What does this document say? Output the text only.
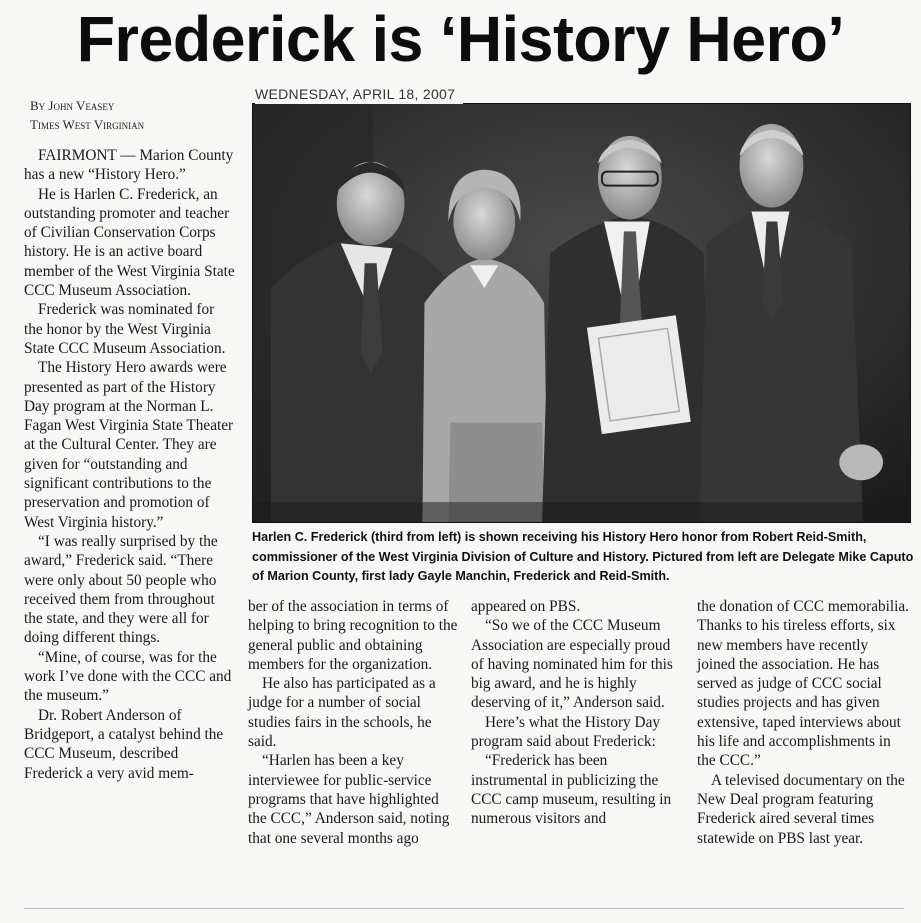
Frederick is ‘History Hero’
WEDNESDAY, APRIL 18, 2007
By John Veasey
Times West Virginian

FAIRMONT — Marion County has a new “History Hero.”

He is Harlen C. Frederick, an outstanding promoter and teacher of Civilian Conservation Corps history. He is an active board member of the West Virginia State CCC Museum Association.

Frederick was nominated for the honor by the West Virginia State CCC Museum Association.

The History Hero awards were presented as part of the History Day program at the Norman L. Fagan West Virginia State Theater at the Cultural Center. They are given for “outstanding and significant contributions to the preservation and promotion of West Virginia history.”

“I was really surprised by the award,” Frederick said. “There were only about 50 people who received them from throughout the state, and they were all for doing different things.

“Mine, of course, was for the work I’ve done with the CCC and the museum.”

Dr. Robert Anderson of Bridgeport, a catalyst behind the CCC Museum, described Frederick a very avid mem-

Harlen C. Frederick (third from left) is shown receiving his History Hero honor from Robert Reid-Smith, commissioner of the West Virginia Division of Culture and History. Pictured from left are Delegate Mike Caputo of Marion County, first lady Gayle Manchin, Frederick and Reid-Smith.

ber of the association in terms of helping to bring recognition to the general public and obtaining members for the organization.

He also has participated as a judge for a number of social studies fairs in the schools, he said.

“Harlen has been a key interviewee for public-service programs that have highlighted the CCC,” Anderson said, noting that one several months ago

appeared on PBS.

“So we of the CCC Museum Association are especially proud of having nominated him for this big award, and he is highly deserving of it,” Anderson said.

Here’s what the History Day program said about Frederick:

“Frederick has been instrumental in publicizing the CCC camp museum, resulting in numerous visitors and

the donation of CCC memorabilia. Thanks to his tireless efforts, six new members have recently joined the association. He has served as judge of CCC social studies projects and has given extensive, taped interviews about his life and accomplishments in the CCC.”

A televised documentary on the New Deal program featuring Frederick aired several times statewide on PBS last year.
